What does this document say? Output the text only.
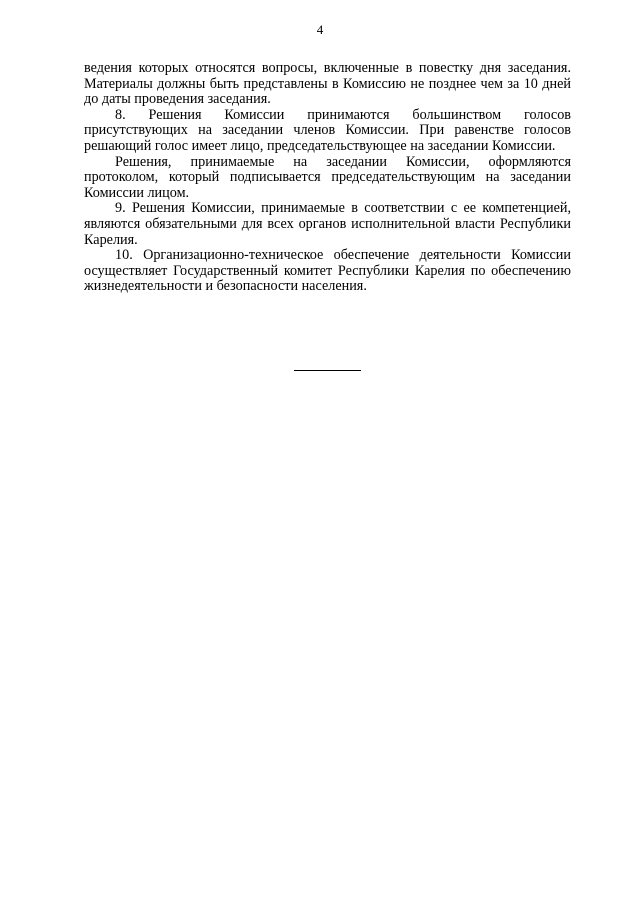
4

ведения которых относятся вопросы, включенные в повестку дня заседания. Материалы должны быть представлены в Комиссию не позднее чем за 10 дней до даты проведения заседания.

8. Решения Комиссии принимаются большинством голосов присутствующих на заседании членов Комиссии. При равенстве голосов решающий голос имеет лицо, председательствующее на заседании Комиссии.

Решения, принимаемые на заседании Комиссии, оформляются протоколом, который подписывается председательствующим на заседании Комиссии лицом.

9. Решения Комиссии, принимаемые в соответствии с ее компетенцией, являются обязательными для всех органов исполнительной власти Республики Карелия.

10. Организационно-техническое обеспечение деятельности Комиссии осуществляет Государственный комитет Республики Карелия по обеспечению жизнедеятельности и безопасности населения.
